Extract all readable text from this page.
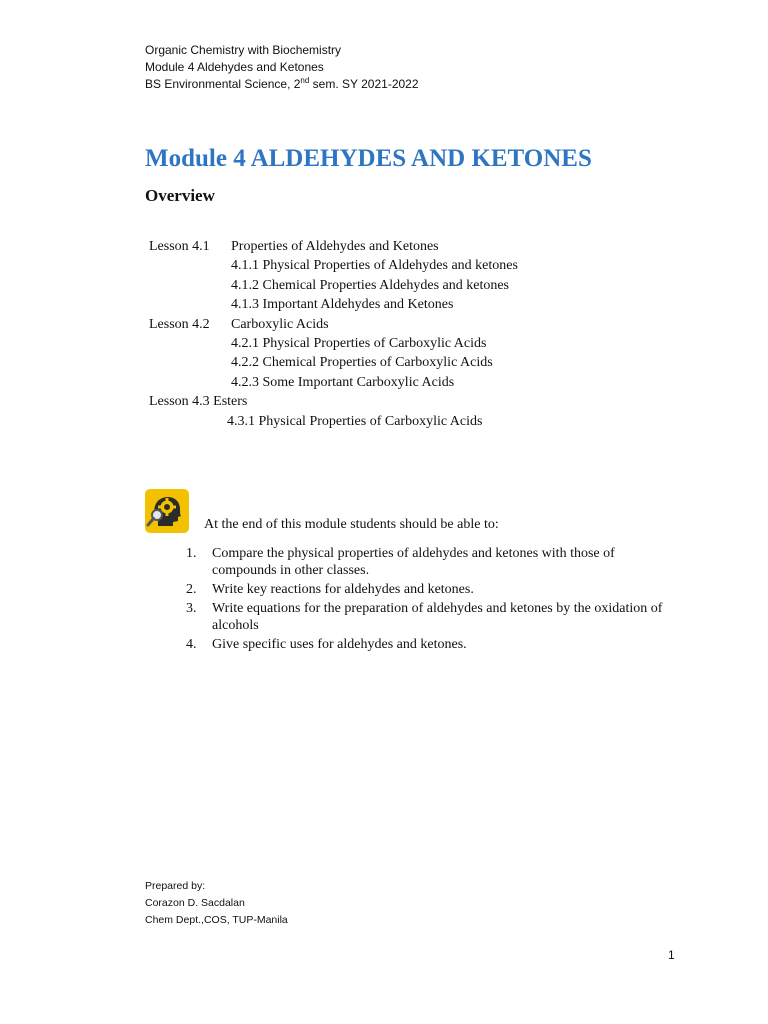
Organic Chemistry with Biochemistry
Module 4 Aldehydes and Ketones
BS Environmental Science, 2nd sem. SY 2021-2022
Module 4 ALDEHYDES AND KETONES
Overview
Lesson 4.1 Properties of Aldehydes and Ketones
4.1.1 Physical Properties of Aldehydes and ketones
4.1.2 Chemical Properties Aldehydes and ketones
4.1.3 Important Aldehydes and Ketones
Lesson 4.2 Carboxylic Acids
4.2.1 Physical Properties of Carboxylic Acids
4.2.2 Chemical Properties of Carboxylic Acids
4.2.3 Some Important Carboxylic Acids
Lesson 4.3 Esters
4.3.1 Physical Properties of Carboxylic Acids
At the end of this module students should be able to:
1. Compare the physical properties of aldehydes and ketones with those of compounds in other classes.
2. Write key reactions for aldehydes and ketones.
3. Write equations for the preparation of aldehydes and ketones by the oxidation of alcohols
4. Give specific uses for aldehydes and ketones.
Prepared by:
Corazon D. Sacdalan
Chem Dept.,COS, TUP-Manila
1
